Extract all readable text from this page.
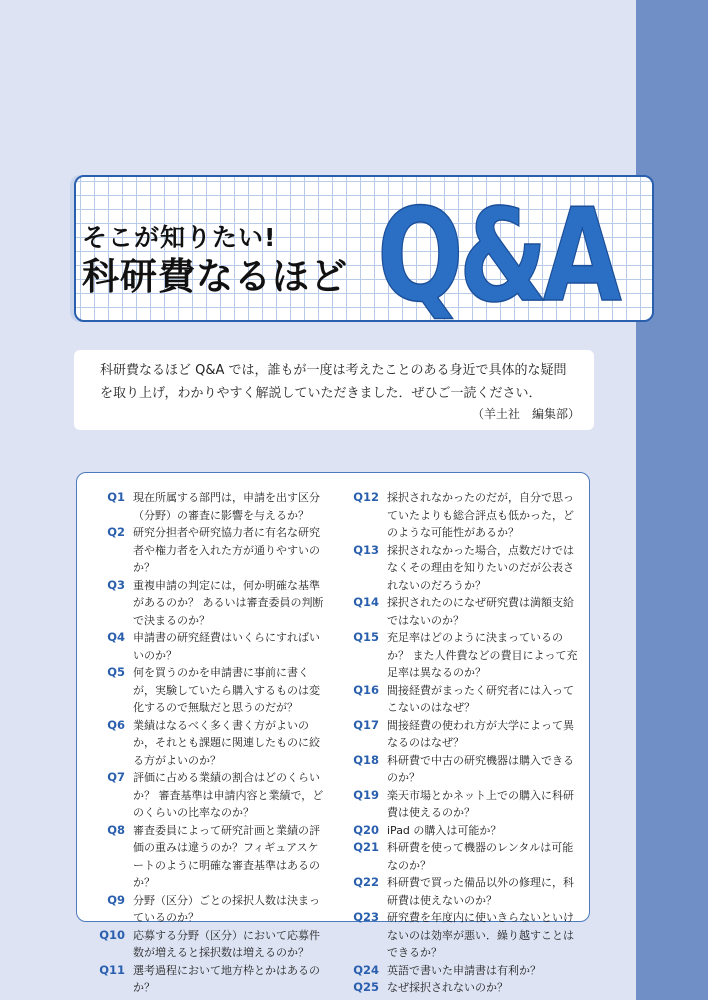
そこが知りたい!
科研費なるほど Q&A

科研費なるほど Q&A では，誰もが一度は考えたことのある身近で具体的な疑問を取り上げ，わかりやすく解説していただきました．ぜひご一読ください．

（羊土社　編集部）
Q1 現在所属する部門は，申請を出す区分（分野）の審査に影響を与えるか？
Q2 研究分担者や研究協力者に有名な研究者や権力者を入れた方が通りやすいのか？
Q3 重複申請の判定には，何か明確な基準があるのか？ あるいは審査委員の判断で決まるのか？
Q4 申請書の研究経費はいくらにすればいいのか？
Q5 何を買うのかを申請書に事前に書くが，実験していたら購入するものは変化するので無駄だと思うのだが？
Q6 業績はなるべく多く書く方がよいのか，それとも課題に関連したものに絞る方がよいのか？
Q7 評価に占める業績の割合はどのくらいか？ 審査基準は申請内容と業績で，どのくらいの比率なのか？
Q8 審査委員によって研究計画と業績の評価の重みは違うのか？フィギュアスケートのように明確な審査基準はあるのか？
Q9 分野（区分）ごとの採択人数は決まっているのか？
Q10 応募する分野（区分）において応募件数が増えると採択数は増えるのか？
Q11 選考過程において地方枠とかはあるのか？
Q12 採択されなかったのだが，自分で思っていたよりも総合評点も低かった，どのような可能性があるか？
Q13 採択されなかった場合，点数だけではなくその理由を知りたいのだが公表されないのだろうか？
Q14 採択されたのになぜ研究費は満額支給ではないのか？
Q15 充足率はどのように決まっているのか？ また人件費などの費目によって充足率は異なるのか？
Q16 間接経費がまったく研究者には入ってこないのはなぜ？
Q17 間接経費の使われ方が大学によって異なるのはなぜ？
Q18 科研費で中古の研究機器は購入できるのか？
Q19 楽天市場とかネット上での購入に科研費は使えるのか？
Q20 iPad の購入は可能か？
Q21 科研費を使って機器のレンタルは可能なのか？
Q22 科研費で買った備品以外の修理に，科研費は使えないのか？
Q23 研究費を年度内に使いきらないといけないのは効率が悪い．繰り越すことはできるか？
Q24 英語で書いた申請書は有利か？
Q25 なぜ採択されないのか？
